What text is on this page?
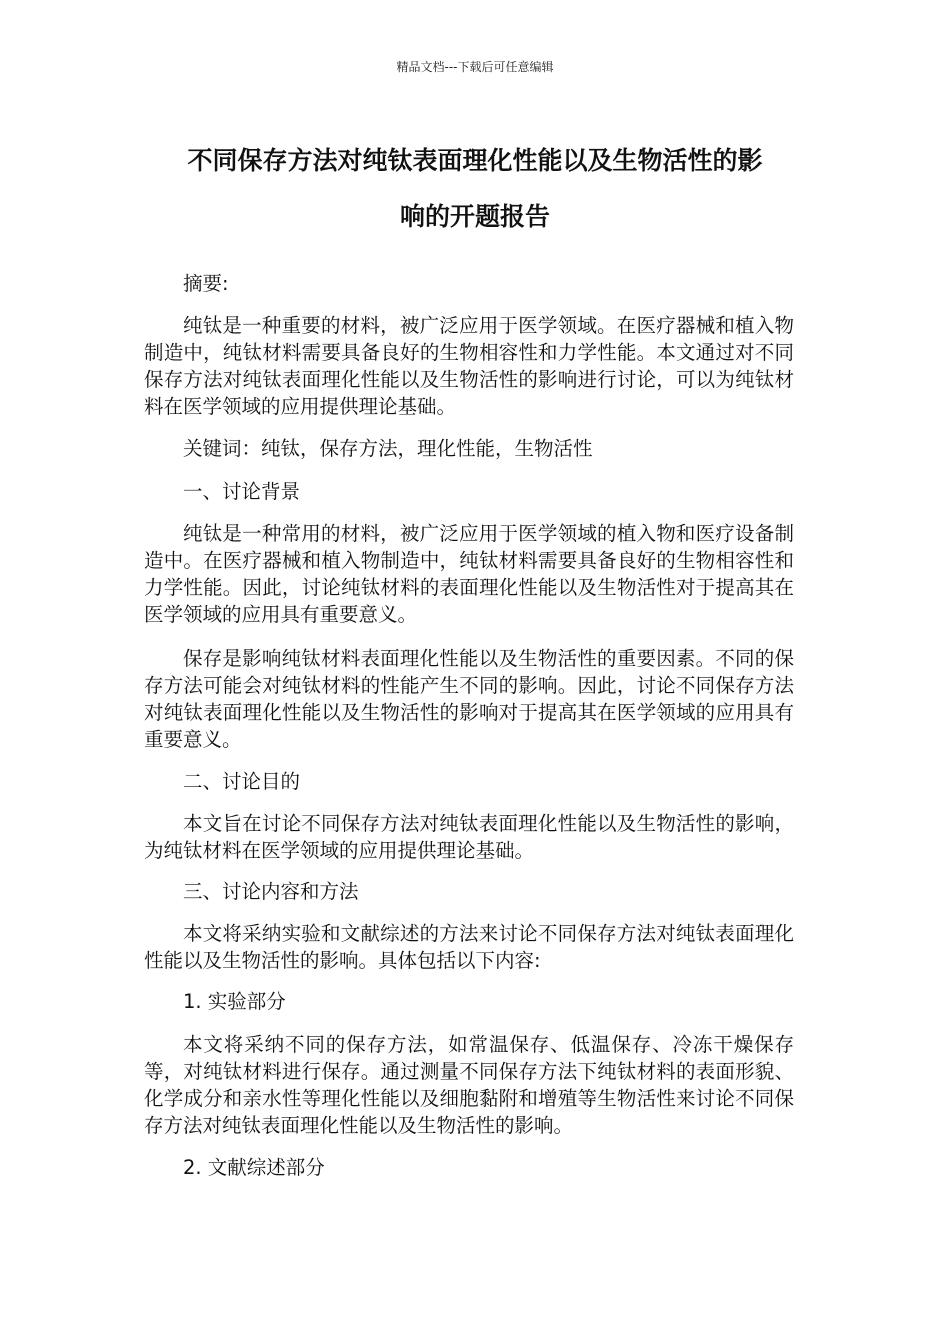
精品文档---下载后可任意编辑
不同保存方法对纯钛表面理化性能以及生物活性的影
响的开题报告

摘要:

纯钛是一种重要的材料，被广泛应用于医学领域。在医疗器械和植入物制造中，纯钛材料需要具备良好的生物相容性和力学性能。本文通过对不同保存方法对纯钛表面理化性能以及生物活性的影响进行讨论，可以为纯钛材料在医学领域的应用提供理论基础。

关键词：纯钛，保存方法，理化性能，生物活性

一、讨论背景

纯钛是一种常用的材料，被广泛应用于医学领域的植入物和医疗设备制造中。在医疗器械和植入物制造中，纯钛材料需要具备良好的生物相容性和力学性能。因此，讨论纯钛材料的表面理化性能以及生物活性对于提高其在医学领域的应用具有重要意义。

保存是影响纯钛材料表面理化性能以及生物活性的重要因素。不同的保存方法可能会对纯钛材料的性能产生不同的影响。因此，讨论不同保存方法对纯钛表面理化性能以及生物活性的影响对于提高其在医学领域的应用具有重要意义。

二、讨论目的

本文旨在讨论不同保存方法对纯钛表面理化性能以及生物活性的影响，为纯钛材料在医学领域的应用提供理论基础。

三、讨论内容和方法

本文将采纳实验和文献综述的方法来讨论不同保存方法对纯钛表面理化性能以及生物活性的影响。具体包括以下内容:

1. 实验部分

本文将采纳不同的保存方法，如常温保存、低温保存、冷冻干燥保存等，对纯钛材料进行保存。通过测量不同保存方法下纯钛材料的表面形貌、化学成分和亲水性等理化性能以及细胞黏附和增殖等生物活性来讨论不同保存方法对纯钛表面理化性能以及生物活性的影响。

2. 文献综述部分
